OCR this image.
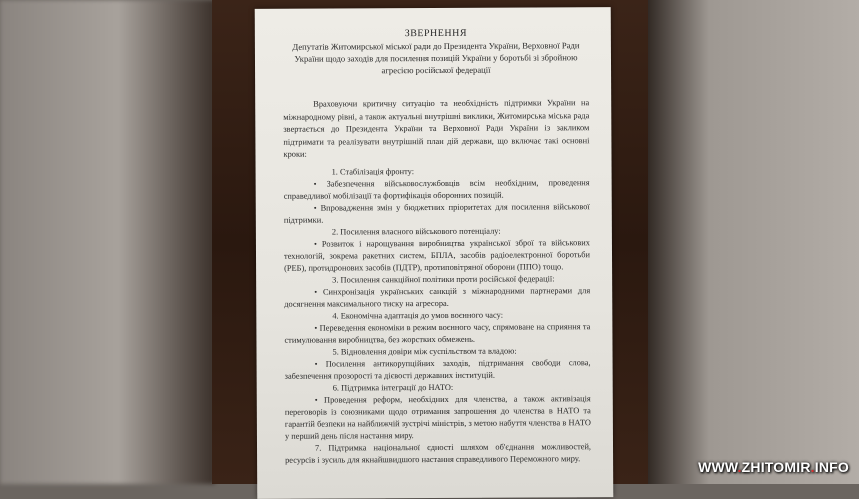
ЗВЕРНЕННЯ
Депутатів Житомирської міської ради до Президента України, Верховної Ради України щодо заходів для посилення позицій України у боротьбі зі збройною агресією російської федерації
Враховуючи критичну ситуацію та необхідність підтримки України на міжнародному рівні, а також актуальні внутрішні виклики, Житомирська міська рада звертається до Президента України та Верховної Ради України із закликом підтримати та реалізувати внутрішній план дій держави, що включає такі основні кроки:
1. Стабілізація фронту:
• Забезпечення військовослужбовців всім необхідним, проведення справедливої мобілізації та фортифікація оборонних позицій.
• Впровадження змін у бюджетних пріоритетах для посилення військової підтримки.
2. Посилення власного військового потенціалу:
• Розвиток і нарощування виробництва української зброї та військових технологій, зокрема ракетних систем, БПЛА, засобів радіоелектронної боротьби (РЕБ), протидронових засобів (ПДТР), протиповітряної оборони (ППО) тощо.
3. Посилення санкційної політики проти російської федерації:
• Синхронізація українських санкцій з міжнародними партнерами для досягнення максимального тиску на агресора.
4. Економічна адаптація до умов воєнного часу:
• Переведення економіки в режим воєнного часу, спрямоване на сприяння та стимулювання виробництва, без жорстких обмежень.
5. Відновлення довіри між суспільством та владою:
• Посилення антикорупційних заходів, підтримання свободи слова, забезпечення прозорості та дієвості державних інституцій.
6. Підтримка інтеграції до НАТО:
• Проведення реформ, необхідних для членства, а також активізація переговорів із союзниками щодо отримання запрошення до членства в НАТО та гарантій безпеки на найближчій зустрічі міністрів, з метою набуття членства в НАТО у перший день після настання миру.
7. Підтримка національної єдності шляхом об'єднання можливостей, ресурсів і зусиль для якнайшвидшого настання справедливого Переможного миру.	WWW.ZHITOMIR.INFO
